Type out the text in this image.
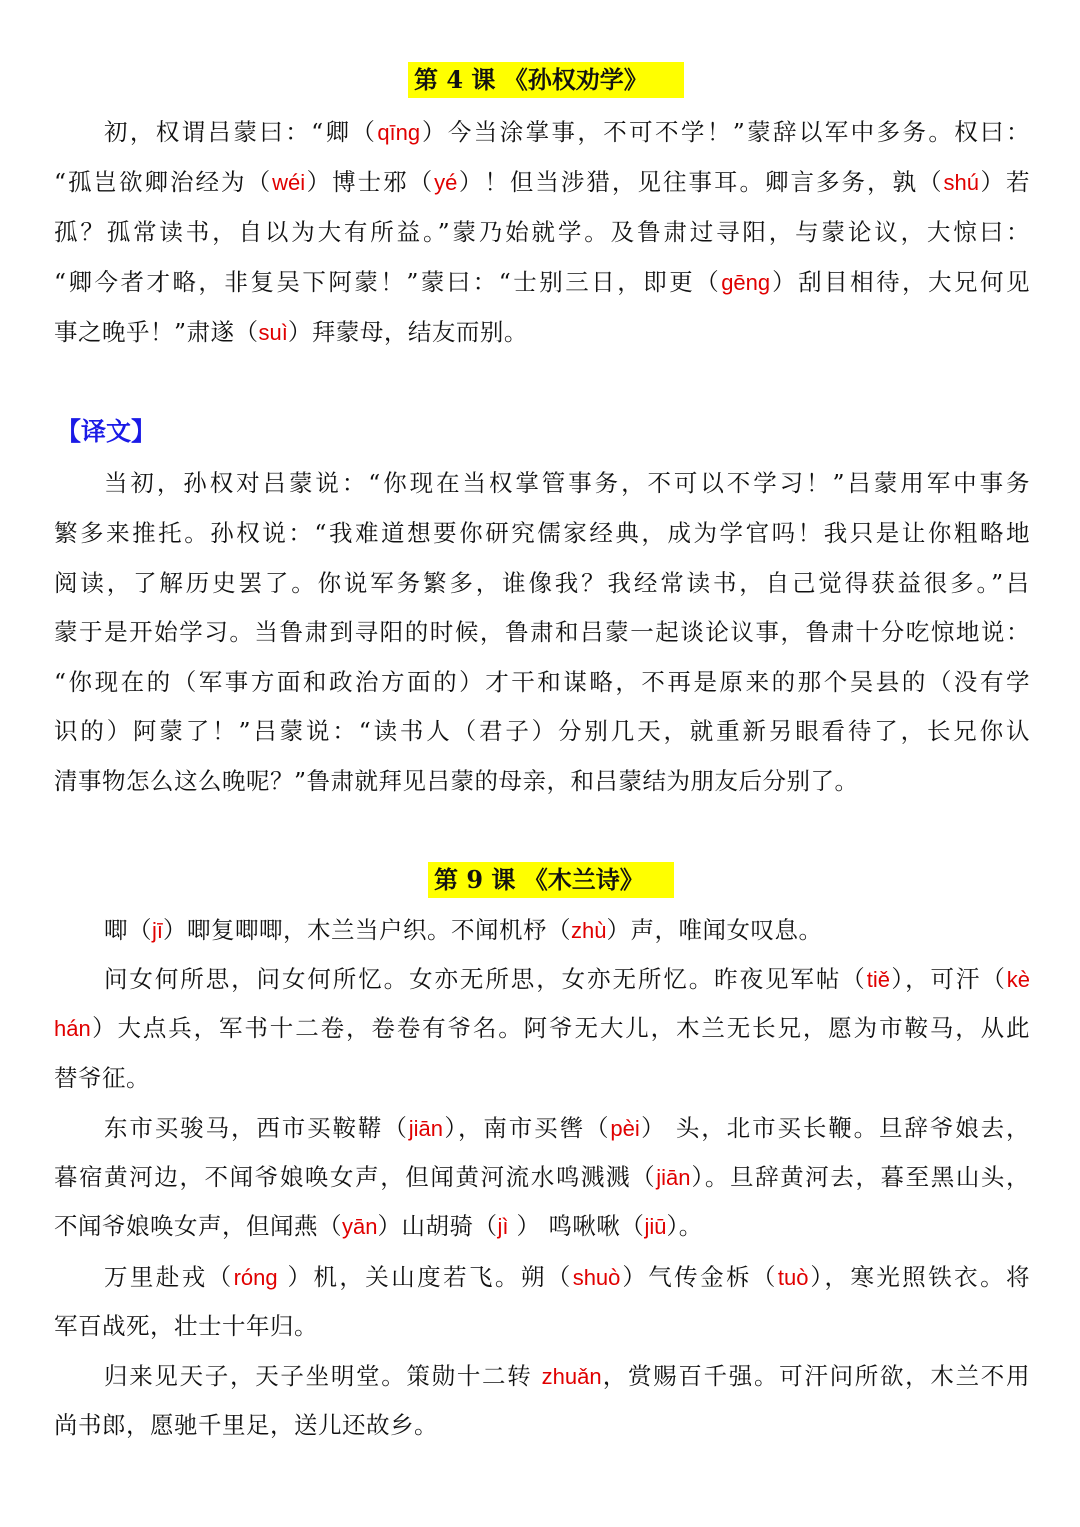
第 4 课 《孙权劝学》
初，权谓吕蒙曰：“卿（qīng）今当涂掌事，不可不学！”蒙辞以军中多务。权曰：
“孤岂欲卿治经为（wéi）博士邪（yé）！但当涉猎，见往事耳。卿言多务，孰（shú）若
孤？孤常读书，自以为大有所益。”蒙乃始就学。及鲁肃过寻阳，与蒙论议，大惊曰：
“卿今者才略，非复吴下阿蒙！”蒙曰：“士别三日，即更（gēng）刮目相待，大兄何见
事之晚乎！”肃遂（suì）拜蒙母，结友而别。
【译文】
当初，孙权对吕蒙说：“你现在当权掌管事务，不可以不学习！”吕蒙用军中事务
繁多来推托。孙权说：“我难道想要你研究儒家经典，成为学官吗！我只是让你粗略地
阅读，了解历史罢了。你说军务繁多，谁像我？我经常读书，自己觉得获益很多。”吕
蒙于是开始学习。当鲁肃到寻阳的时候，鲁肃和吕蒙一起谈论议事，鲁肃十分吃惊地说：
“你现在的（军事方面和政治方面的）才干和谋略，不再是原来的那个吴县的（没有学
识的）阿蒙了！”吕蒙说：“读书人（君子）分别几天，就重新另眼看待了，长兄你认
清事物怎么这么晚呢？”鲁肃就拜见吕蒙的母亲，和吕蒙结为朋友后分别了。
第 9 课 《木兰诗》
唧（jī）唧复唧唧，木兰当户织。不闻机杼（zhù）声，唯闻女叹息。
问女何所思，问女何所忆。女亦无所思，女亦无所忆。昨夜见军帖（tiě），可汗（kè
hán）大点兵，军书十二卷，卷卷有爷名。阿爷无大儿，木兰无长兄，愿为市鞍马，从此
替爷征。
东市买骏马，西市买鞍鞯（jiān），南市买辔（pèi） 头，北市买长鞭。旦辞爷娘去，
暮宿黄河边，不闻爷娘唤女声，但闻黄河流水鸣溅溅（jiān）。旦辞黄河去，暮至黑山头，
不闻爷娘唤女声，但闻燕（yān）山胡骑（jì ） 鸣啾啾（jiū）。
万里赴戎（róng ）机，关山度若飞。朔（shuò）气传金柝（tuò），寒光照铁衣。将
军百战死，壮士十年归。
归来见天子，天子坐明堂。策勋十二转 zhuǎn，赏赐百千强。可汗问所欲，木兰不用
尚书郎，愿驰千里足，送儿还故乡。
